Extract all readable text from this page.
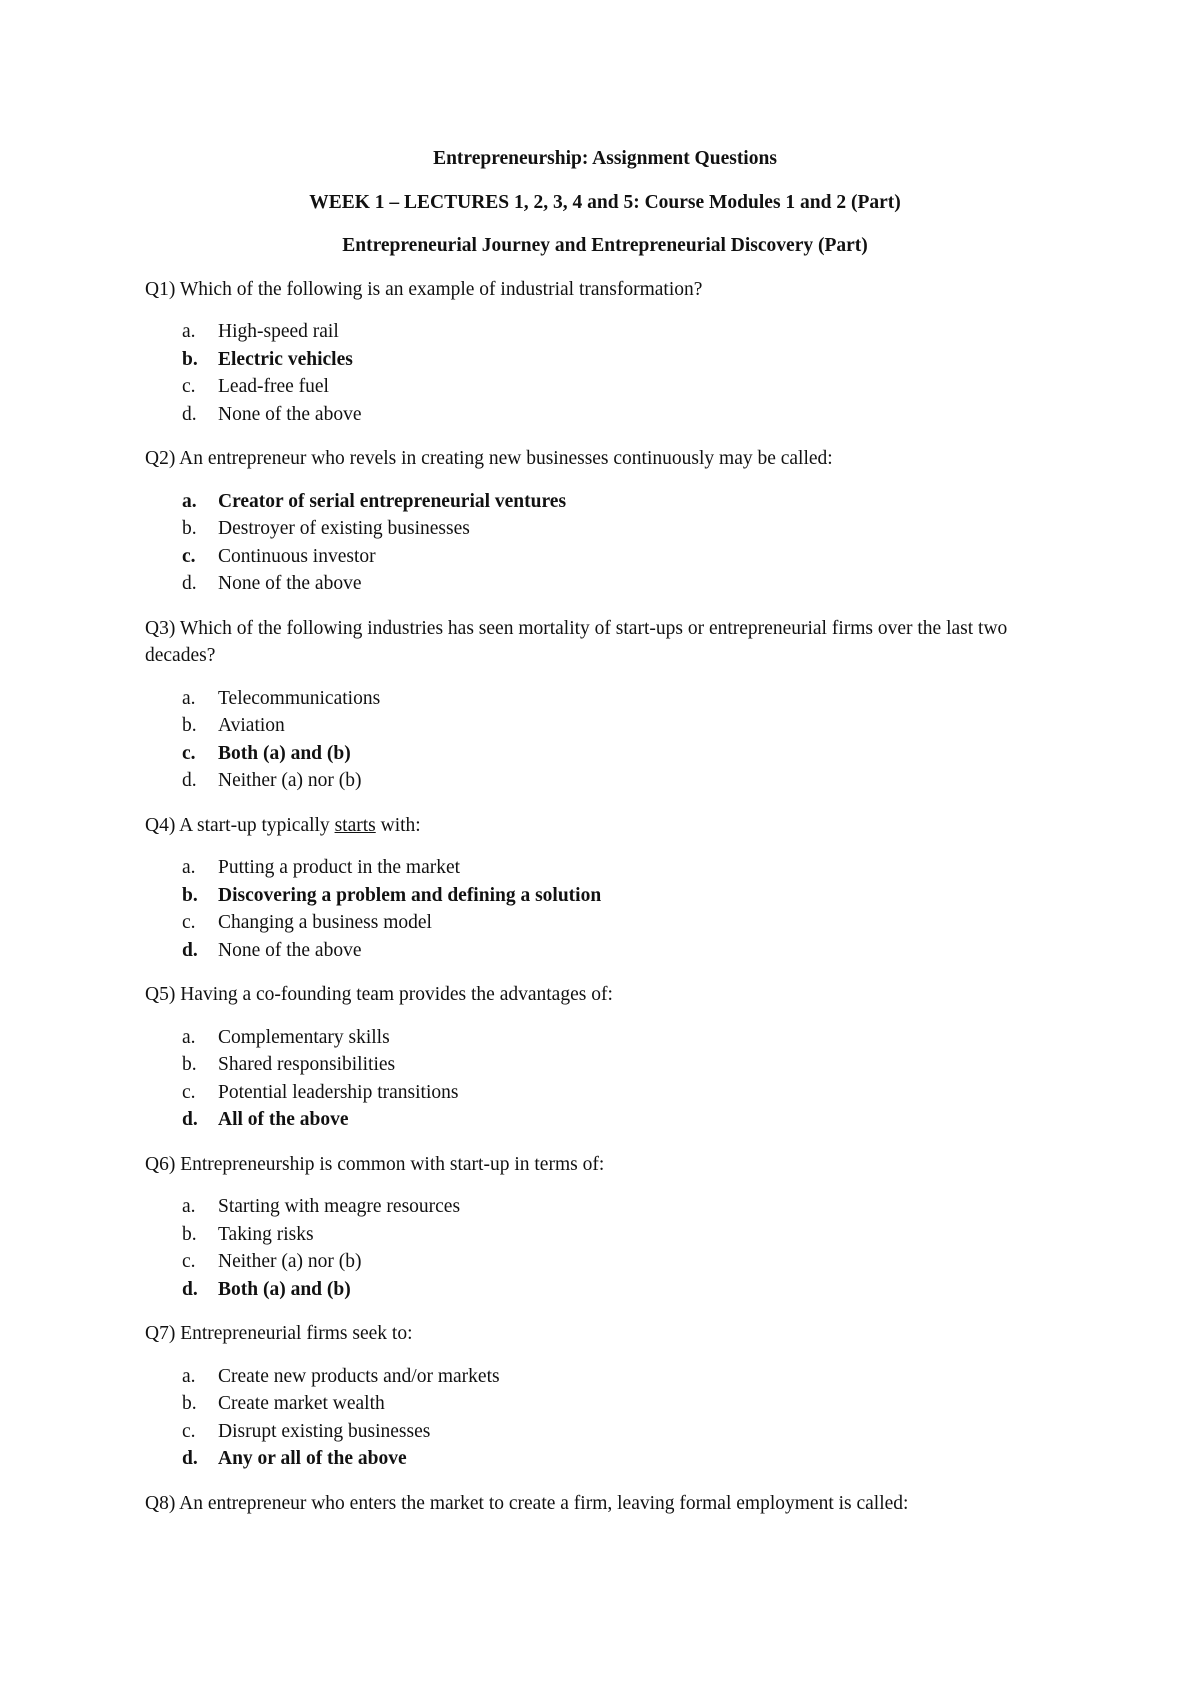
Entrepreneurship: Assignment Questions

WEEK 1 – LECTURES 1, 2, 3, 4 and 5: Course Modules 1 and 2 (Part)

Entrepreneurial Journey and Entrepreneurial Discovery (Part)

Q1) Which of the following is an example of industrial transformation?

a. High-speed rail
b. Electric vehicles
c. Lead-free fuel
d. None of the above

Q2) An entrepreneur who revels in creating new businesses continuously may be called:

a. Creator of serial entrepreneurial ventures
b. Destroyer of existing businesses
c. Continuous investor
d. None of the above

Q3) Which of the following industries has seen mortality of start-ups or entrepreneurial firms over the last two decades?

a. Telecommunications
b. Aviation
c. Both (a) and (b)
d. Neither (a) nor (b)

Q4) A start-up typically starts with:

a. Putting a product in the market
b. Discovering a problem and defining a solution
c. Changing a business model
d. None of the above

Q5) Having a co-founding team provides the advantages of:

a. Complementary skills
b. Shared responsibilities
c. Potential leadership transitions
d. All of the above

Q6) Entrepreneurship is common with start-up in terms of:

a. Starting with meagre resources
b. Taking risks
c. Neither (a) nor (b)
d. Both (a) and (b)

Q7) Entrepreneurial firms seek to:

a. Create new products and/or markets
b. Create market wealth
c. Disrupt existing businesses
d. Any or all of the above

Q8) An entrepreneur who enters the market to create a firm, leaving formal employment is called:
